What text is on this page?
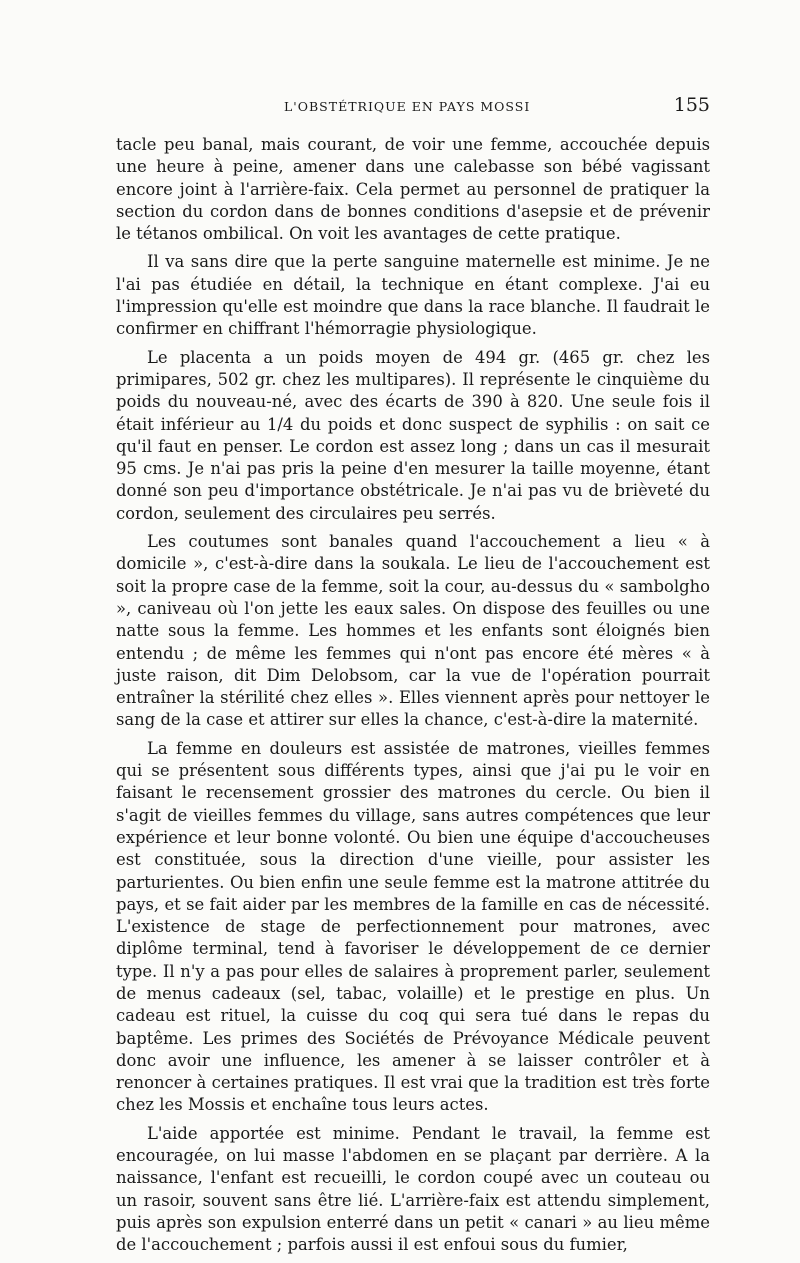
L'OBSTÉTRIQUE EN PAYS MOSSI	155

tacle peu banal, mais courant, de voir une femme, accouchée depuis une heure à peine, amener dans une calebasse son bébé vagissant encore joint à l'arrière-faix. Cela permet au personnel de pratiquer la section du cordon dans de bonnes conditions d'asepsie et de prévenir le tétanos ombilical. On voit les avantages de cette pratique.

Il va sans dire que la perte sanguine maternelle est minime. Je ne l'ai pas étudiée en détail, la technique en étant complexe. J'ai eu l'impression qu'elle est moindre que dans la race blanche. Il faudrait le confirmer en chiffrant l'hémorragie physiologique.

Le placenta a un poids moyen de 494 gr. (465 gr. chez les primipares, 502 gr. chez les multipares). Il représente le cinquième du poids du nouveau-né, avec des écarts de 390 à 820. Une seule fois il était inférieur au 1/4 du poids et donc suspect de syphilis : on sait ce qu'il faut en penser. Le cordon est assez long ; dans un cas il mesurait 95 cms. Je n'ai pas pris la peine d'en mesurer la taille moyenne, étant donné son peu d'importance obstétricale. Je n'ai pas vu de brièveté du cordon, seulement des circulaires peu serrés.

Les coutumes sont banales quand l'accouchement a lieu « à domicile », c'est-à-dire dans la soukala. Le lieu de l'accouchement est soit la propre case de la femme, soit la cour, au-dessus du « sambolgho », caniveau où l'on jette les eaux sales. On dispose des feuilles ou une natte sous la femme. Les hommes et les enfants sont éloignés bien entendu ; de même les femmes qui n'ont pas encore été mères « à juste raison, dit Dim Delobsom, car la vue de l'opération pourrait entraîner la stérilité chez elles ». Elles viennent après pour nettoyer le sang de la case et attirer sur elles la chance, c'est-à-dire la maternité.

La femme en douleurs est assistée de matrones, vieilles femmes qui se présentent sous différents types, ainsi que j'ai pu le voir en faisant le recensement grossier des matrones du cercle. Ou bien il s'agit de vieilles femmes du village, sans autres compétences que leur expérience et leur bonne volonté. Ou bien une équipe d'accoucheuses est constituée, sous la direction d'une vieille, pour assister les parturientes. Ou bien enfin une seule femme est la matrone attitrée du pays, et se fait aider par les membres de la famille en cas de nécessité. L'existence de stage de perfectionnement pour matrones, avec diplôme terminal, tend à favoriser le développement de ce dernier type. Il n'y a pas pour elles de salaires à proprement parler, seulement de menus cadeaux (sel, tabac, volaille) et le prestige en plus. Un cadeau est rituel, la cuisse du coq qui sera tué dans le repas du baptême. Les primes des Sociétés de Prévoyance Médicale peuvent donc avoir une influence, les amener à se laisser contrôler et à renoncer à certaines pratiques. Il est vrai que la tradition est très forte chez les Mossis et enchaîne tous leurs actes.

L'aide apportée est minime. Pendant le travail, la femme est encouragée, on lui masse l'abdomen en se plaçant par derrière. A la naissance, l'enfant est recueilli, le cordon coupé avec un couteau ou un rasoir, souvent sans être lié. L'arrière-faix est attendu simplement, puis après son expulsion enterré dans un petit « canari » au lieu même de l'accouchement ; parfois aussi il est enfoui sous du fumier,
